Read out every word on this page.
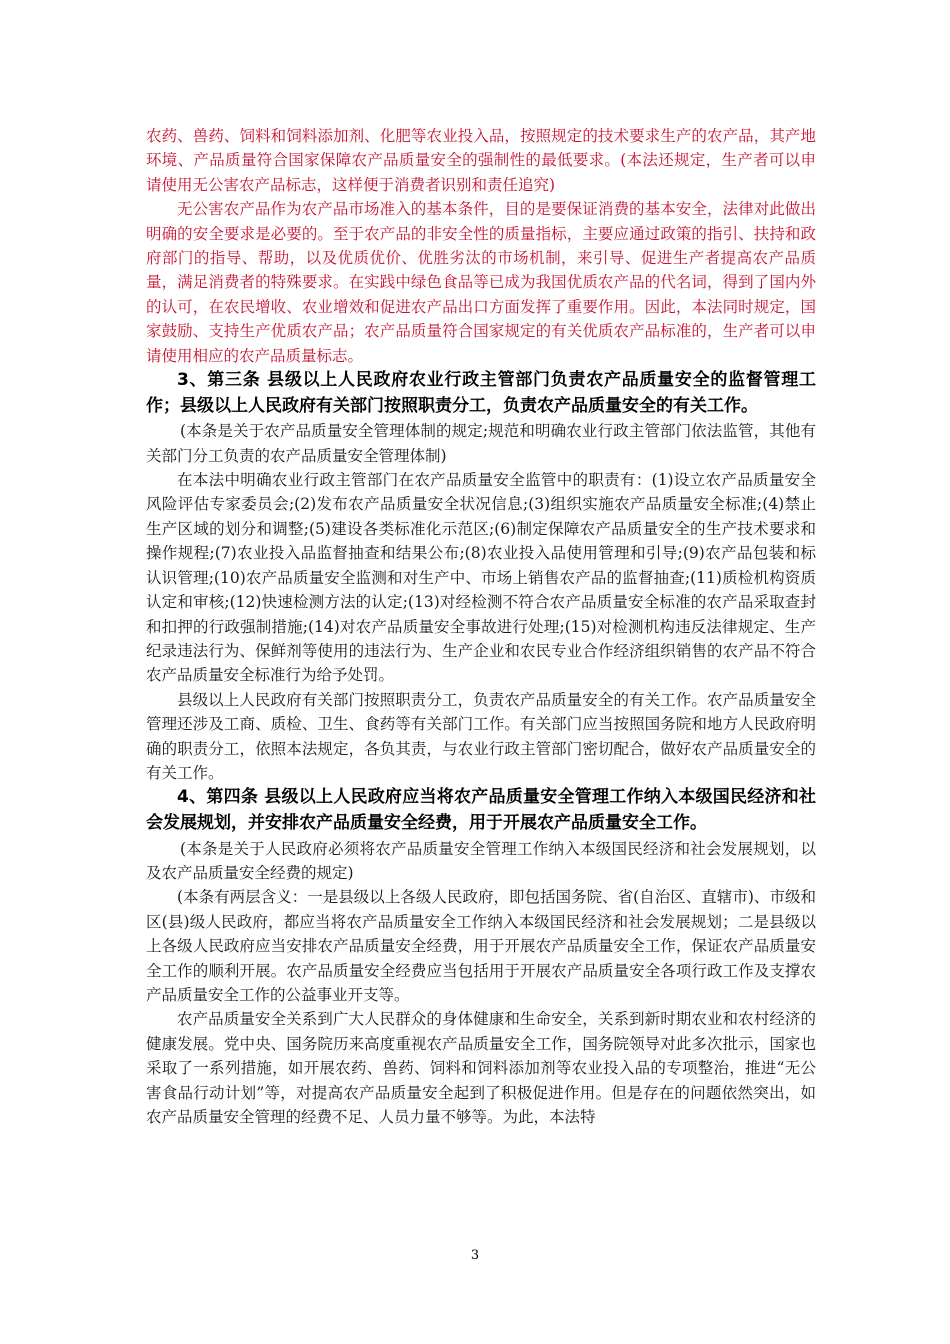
农药、兽药、饲料和饲料添加剂、化肥等农业投入品，按照规定的技术要求生产的农产品，其产地环境、产品质量符合国家保障农产品质量安全的强制性的最低要求。(本法还规定，生产者可以申请使用无公害农产品标志，这样便于消费者识别和责任追究)

无公害农产品作为农产品市场准入的基本条件，目的是要保证消费的基本安全，法律对此做出明确的安全要求是必要的。至于农产品的非安全性的质量指标，主要应通过政策的指引、扶持和政府部门的指导、帮助，以及优质优价、优胜劣汰的市场机制，来引导、促进生产者提高农产品质量，满足消费者的特殊要求。在实践中绿色食品等已成为我国优质农产品的代名词，得到了国内外的认可，在农民增收、农业增效和促进农产品出口方面发挥了重要作用。因此，本法同时规定，国家鼓励、支持生产优质农产品；农产品质量符合国家规定的有关优质农产品标准的，生产者可以申请使用相应的农产品质量标志。

3、第三条 县级以上人民政府农业行政主管部门负责农产品质量安全的监督管理工作；县级以上人民政府有关部门按照职责分工，负责农产品质量安全的有关工作。

(本条是关于农产品质量安全管理体制的规定;规范和明确农业行政主管部门依法监管，其他有关部门分工负责的农产品质量安全管理体制)

在本法中明确农业行政主管部门在农产品质量安全监管中的职责有：(1)设立农产品质量安全风险评估专家委员会;(2)发布农产品质量安全状况信息;(3)组织实施农产品质量安全标准;(4)禁止生产区域的划分和调整;(5)建设各类标准化示范区;(6)制定保障农产品质量安全的生产技术要求和操作规程;(7)农业投入品监督抽查和结果公布;(8)农业投入品使用管理和引导;(9)农产品包装和标认识管理;(10)农产品质量安全监测和对生产中、市场上销售农产品的监督抽查;(11)质检机构资质认定和审核;(12)快速检测方法的认定;(13)对经检测不符合农产品质量安全标准的农产品采取查封和扣押的行政强制措施;(14)对农产品质量安全事故进行处理;(15)对检测机构违反法律规定、生产纪录违法行为、保鲜剂等使用的违法行为、生产企业和农民专业合作经济组织销售的农产品不符合农产品质量安全标准行为给予处罚。

县级以上人民政府有关部门按照职责分工，负责农产品质量安全的有关工作。农产品质量安全管理还涉及工商、质检、卫生、食药等有关部门工作。有关部门应当按照国务院和地方人民政府明确的职责分工，依照本法规定，各负其责，与农业行政主管部门密切配合，做好农产品质量安全的有关工作。

4、第四条 县级以上人民政府应当将农产品质量安全管理工作纳入本级国民经济和社会发展规划，并安排农产品质量安全经费，用于开展农产品质量安全工作。

(本条是关于人民政府必须将农产品质量安全管理工作纳入本级国民经济和社会发展规划，以及农产品质量安全经费的规定)

(本条有两层含义：一是县级以上各级人民政府，即包括国务院、省(自治区、直辖市)、市级和区(县)级人民政府，都应当将农产品质量安全工作纳入本级国民经济和社会发展规划；二是县级以上各级人民政府应当安排农产品质量安全经费，用于开展农产品质量安全工作，保证农产品质量安全工作的顺利开展。农产品质量安全经费应当包括用于开展农产品质量安全各项行政工作及支撑农产品质量安全工作的公益事业开支等。

农产品质量安全关系到广大人民群众的身体健康和生命安全，关系到新时期农业和农村经济的健康发展。党中央、国务院历来高度重视农产品质量安全工作，国务院领导对此多次批示，国家也采取了一系列措施，如开展农药、兽药、饲料和饲料添加剂等农业投入品的专项整治，推进“无公害食品行动计划”等，对提高农产品质量安全起到了积极促进作用。但是存在的问题依然突出，如农产品质量安全管理的经费不足、人员力量不够等。为此，本法特

3
